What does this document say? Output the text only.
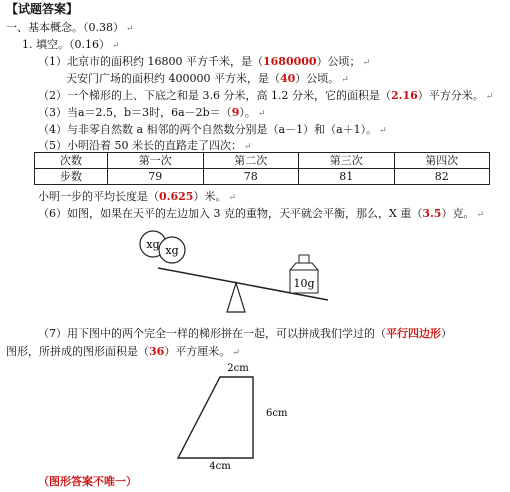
【试题答案】
一、基本概念。（0.38） ↵
1. 填空。（0.16） ↵
（1）北京市的面积约 16800 平方千米，是（1680000）公顷； ↵
天安门广场的面积约 400000 平方米，是（40）公顷。 ↵
（2）一个梯形的上、下底之和是 3.6 分米，高 1.2 分米，它的面积是（2.16）平方分米。 ↵
（3）当a＝2.5，b＝3时，6a－2b＝（9）。 ↵
（4）与非零自然数 a 相邻的两个自然数分别是（a－1）和（a＋1）。 ↵
（5）小明沿着 50 米长的直路走了四次： ↵
次数	第一次	第二次	第三次	第四次
步数	79	78	81	82
小明一步的平均长度是（0.625）米。 ↵
（6）如图，如果在天平的左边加入 3 克的重物，天平就会平衡，那么，X 重（3.5）克。 ↵
xg xg
10g
2cm
6cm
4cm
（7）用下图中的两个完全一样的梯形拼在一起，可以拼成我们学过的（平行四边形）
图形，所拼成的图形面积是（36）平方厘米。 ↵
（图形答案不唯一）
